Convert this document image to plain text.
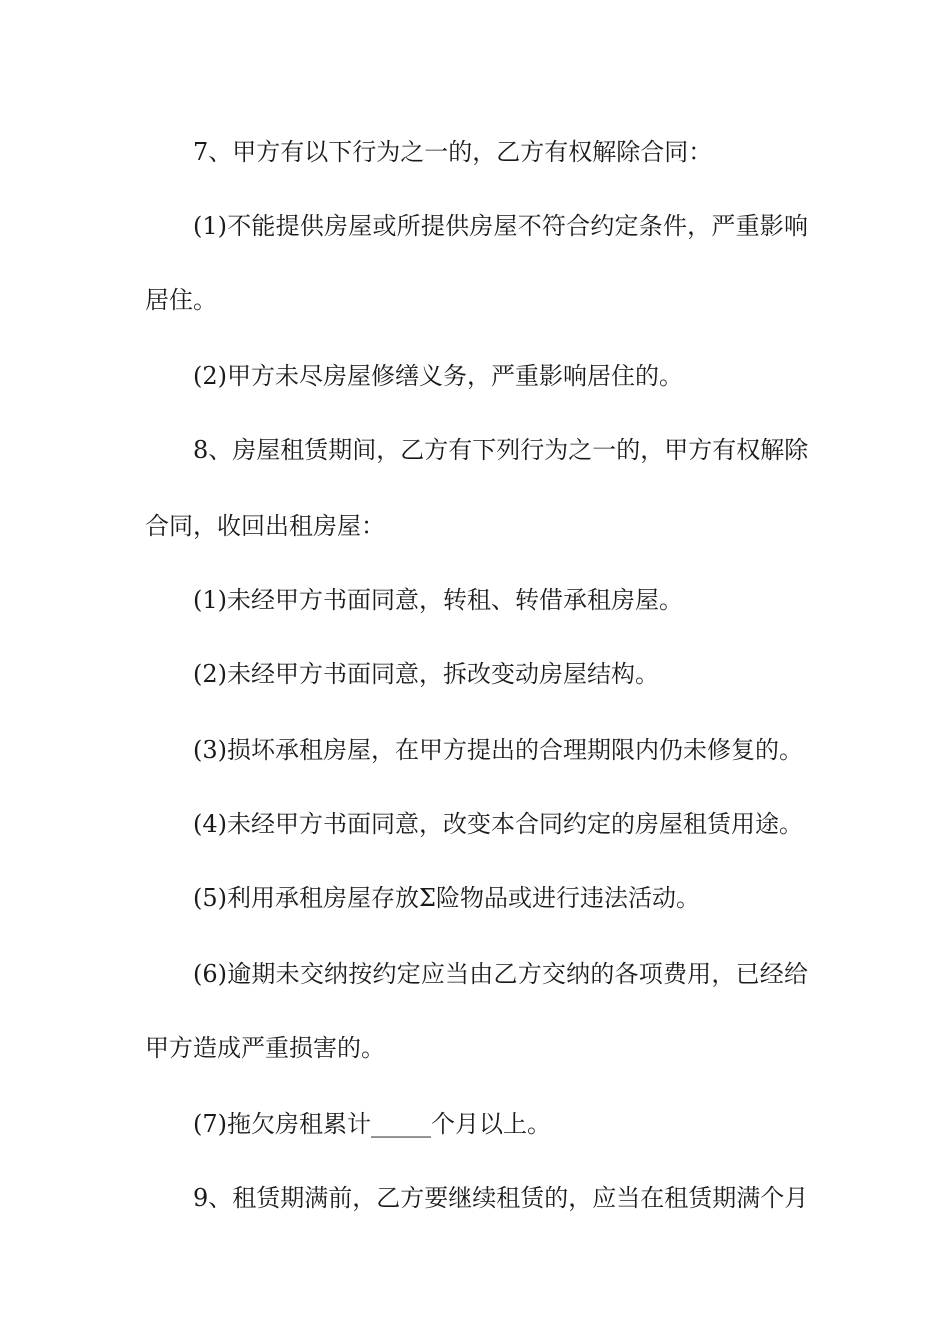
7、甲方有以下行为之一的，乙方有权解除合同：
(1)不能提供房屋或所提供房屋不符合约定条件，严重影响
居住。
(2)甲方未尽房屋修缮义务，严重影响居住的。
8、房屋租赁期间，乙方有下列行为之一的，甲方有权解除
合同，收回出租房屋：
(1)未经甲方书面同意，转租、转借承租房屋。
(2)未经甲方书面同意，拆改变动房屋结构。
(3)损坏承租房屋，在甲方提出的合理期限内仍未修复的。
(4)未经甲方书面同意，改变本合同约定的房屋租赁用途。
(5)利用承租房屋存放Σ险物品或进行违法活动。
(6)逾期未交纳按约定应当由乙方交纳的各项费用，已经给
甲方造成严重损害的。
(7)拖欠房租累计_____个月以上。
9、租赁期满前，乙方要继续租赁的，应当在租赁期满个月
